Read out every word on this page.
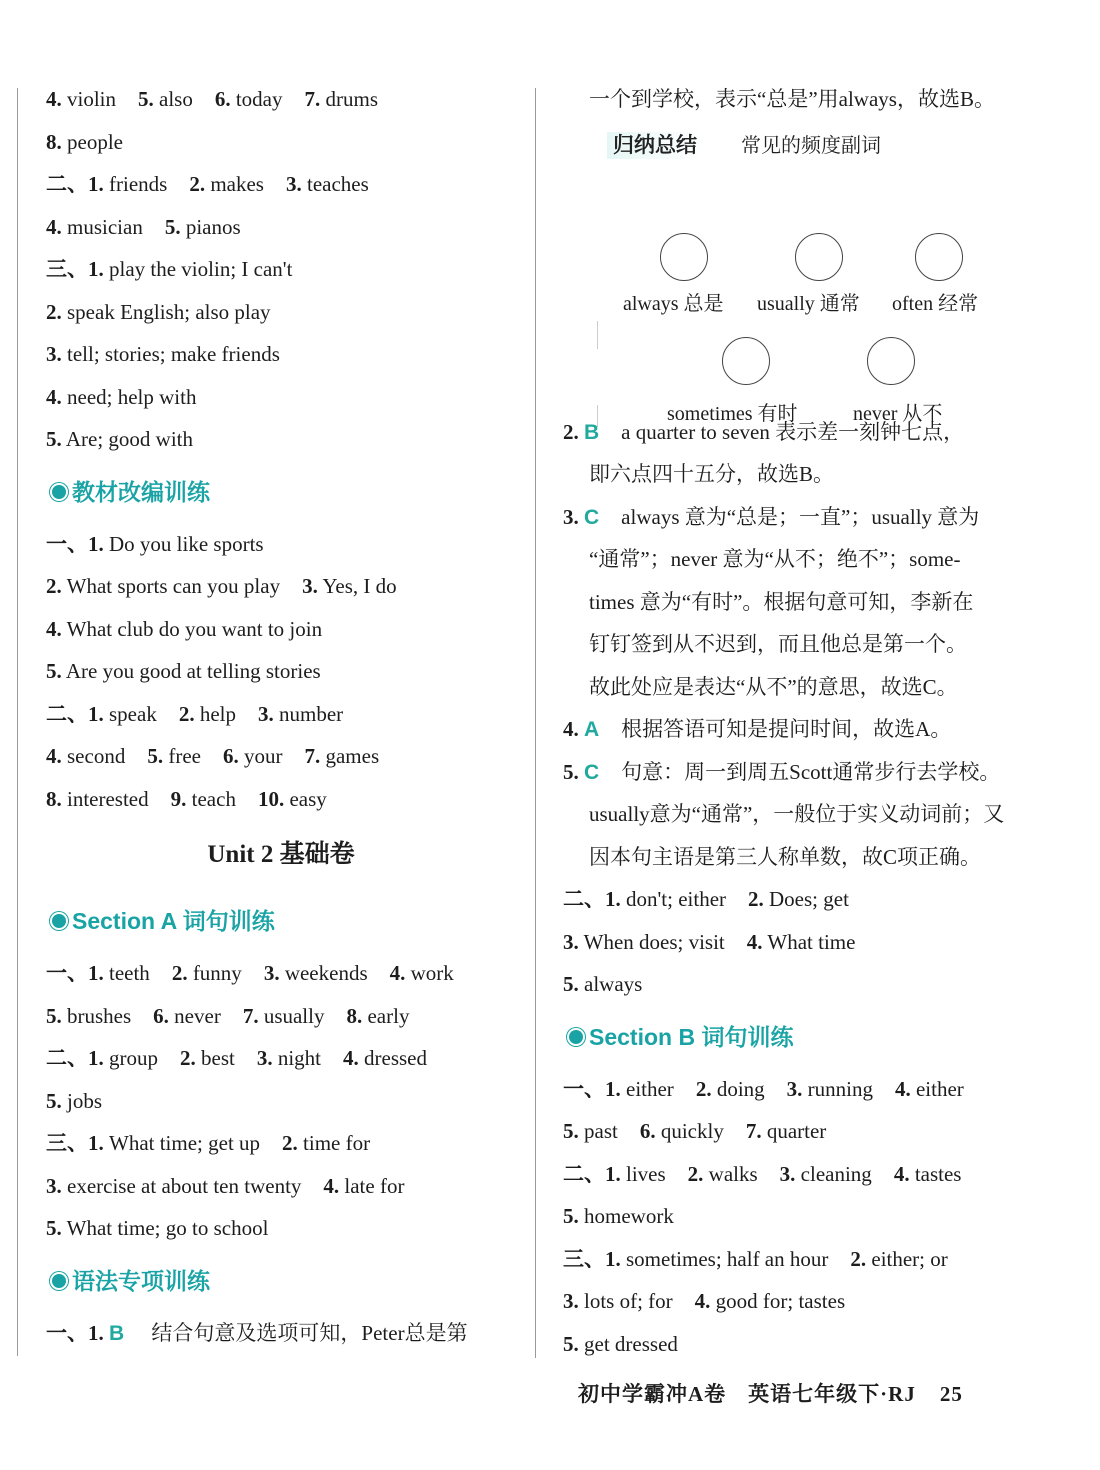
4. violin 5. also 6. today 7. drums
8. people
二、1. friends 2. makes 3. teaches
4. musician 5. pianos
三、1. play the violin; I can't
2. speak English; also play
3. tell; stories; make friends
4. need; help with
5. Are; good with
教材改编训练
一、1. Do you like sports
2. What sports can you play 3. Yes, I do
4. What club do you want to join
5. Are you good at telling stories
二、1. speak 2. help 3. number
4. second 5. free 6. your 7. games
8. interested 9. teach 10. easy
Unit 2 基础卷
Section A 词句训练
一、1. teeth 2. funny 3. weekends 4. work
5. brushes 6. never 7. usually 8. early
二、1. group 2. best 3. night 4. dressed
5. jobs
三、1. What time; get up 2. time for
3. exercise at about ten twenty 4. late for
5. What time; go to school
语法专项训练
一、1. B 结合句意及选项可知，Peter总是第
一个到学校，表示“总是”用always，故选B。
归纳总结	常见的频度副词
always 总是 usually 通常 often 经常
sometimes 有时	never 从不
2. B a quarter to seven 表示差一刻钟七点，
即六点四十五分，故选B。
3. C always 意为“总是；一直”；usually 意为
“通常”；never 意为“从不；绝不”；some-
times 意为“有时”。根据句意可知，李新在
钉钉签到从不迟到，而且他总是第一个。
故此处应是表达“从不”的意思，故选C。
4. A 根据答语可知是提问时间，故选A。
5. C 句意：周一到周五Scott通常步行去学校。
usually意为“通常”，一般位于实义动词前；又
因本句主语是第三人称单数，故C项正确。
二、1. don't; either 2. Does; get
3. When does; visit 4. What time
5. always
Section B 词句训练
一、1. either 2. doing 3. running 4. either
5. past 6. quickly 7. quarter
二、1. lives 2. walks 3. cleaning 4. tastes
5. homework
三、1. sometimes; half an hour 2. either; or
3. lots of; for 4. good for; tastes
5. get dressed
初中学霸冲A卷　英语七年级下·RJ 25
